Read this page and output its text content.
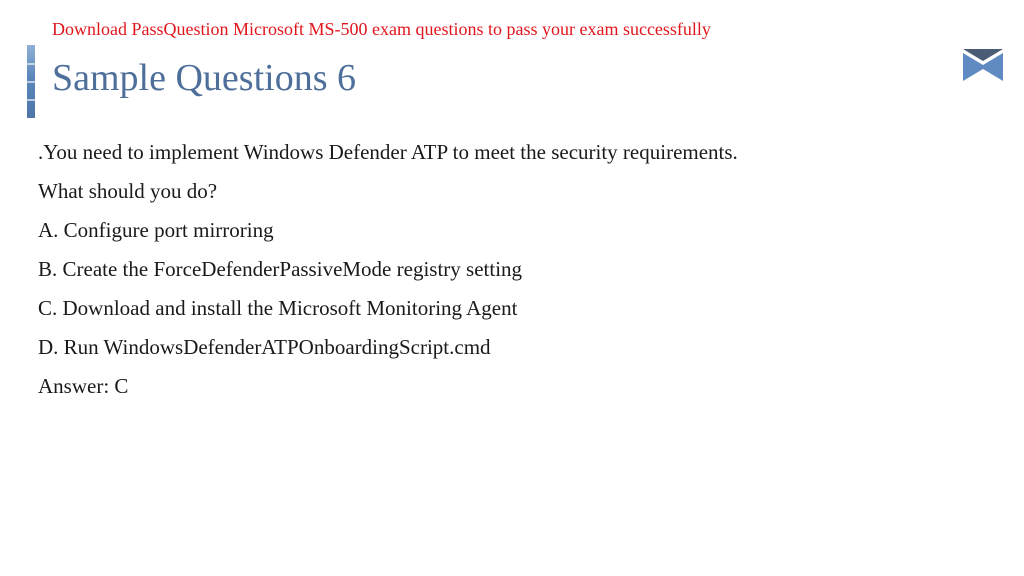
Download PassQuestion Microsoft MS-500 exam questions to pass your exam successfully
Sample Questions 6
.You need to implement Windows Defender ATP to meet the security requirements.
What should you do?
A. Configure port mirroring
B. Create the ForceDefenderPassiveMode registry setting
C. Download and install the Microsoft Monitoring Agent
D. Run WindowsDefenderATPOnboardingScript.cmd
Answer: C
